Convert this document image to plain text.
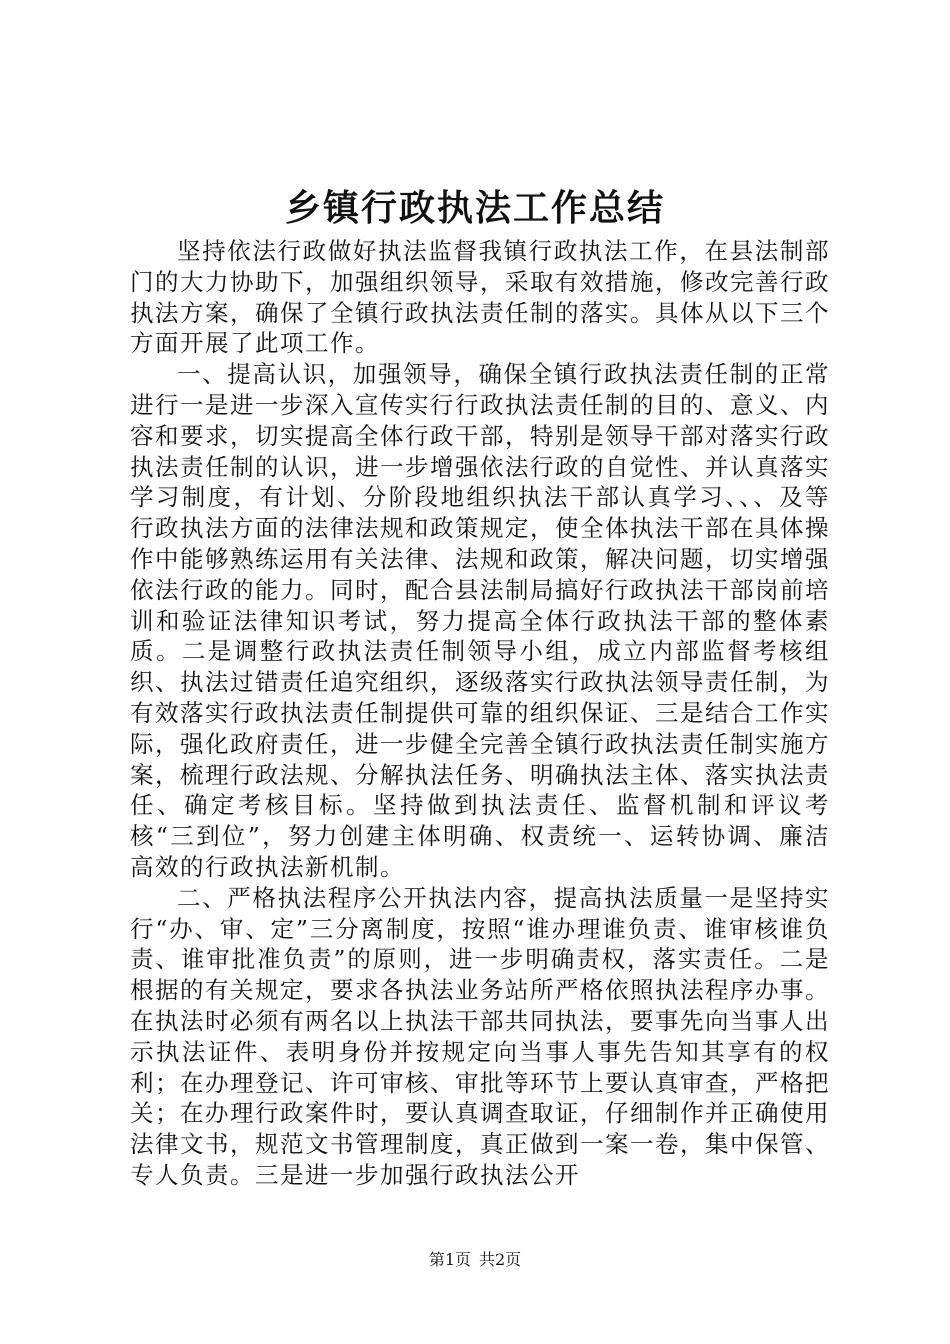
乡镇行政执法工作总结

坚持依法行政做好执法监督我镇行政执法工作，在县法制部门的大力协助下，加强组织领导，采取有效措施，修改完善行政执法方案，确保了全镇行政执法责任制的落实。具体从以下三个方面开展了此项工作。

一、提高认识，加强领导，确保全镇行政执法责任制的正常进行一是进一步深入宣传实行行政执法责任制的目的、意义、内容和要求，切实提高全体行政干部，特别是领导干部对落实行政执法责任制的认识，进一步增强依法行政的自觉性、并认真落实学习制度，有计划、分阶段地组织执法干部认真学习、、、及等行政执法方面的法律法规和政策规定，使全体执法干部在具体操作中能够熟练运用有关法律、法规和政策，解决问题，切实增强依法行政的能力。同时，配合县法制局搞好行政执法干部岗前培训和验证法律知识考试，努力提高全体行政执法干部的整体素质。二是调整行政执法责任制领导小组，成立内部监督考核组织、执法过错责任追究组织，逐级落实行政执法领导责任制，为有效落实行政执法责任制提供可靠的组织保证、三是结合工作实际，强化政府责任，进一步健全完善全镇行政执法责任制实施方案，梳理行政法规、分解执法任务、明确执法主体、落实执法责任、确定考核目标。坚持做到执法责任、监督机制和评议考核“三到位”，努力创建主体明确、权责统一、运转协调、廉洁高效的行政执法新机制。

二、严格执法程序公开执法内容，提高执法质量一是坚持实行“办、审、定”三分离制度，按照“谁办理谁负责、谁审核谁负责、谁审批准负责”的原则，进一步明确责权，落实责任。二是根据的有关规定，要求各执法业务站所严格依照执法程序办事。在执法时必须有两名以上执法干部共同执法，要事先向当事人出示执法证件、表明身份并按规定向当事人事先告知其享有的权利；在办理登记、许可审核、审批等环节上要认真审查，严格把关；在办理行政案件时，要认真调查取证，仔细制作并正确使用法律文书，规范文书管理制度，真正做到一案一卷，集中保管、专人负责。三是进一步加强行政执法公开

第1页 共2页
